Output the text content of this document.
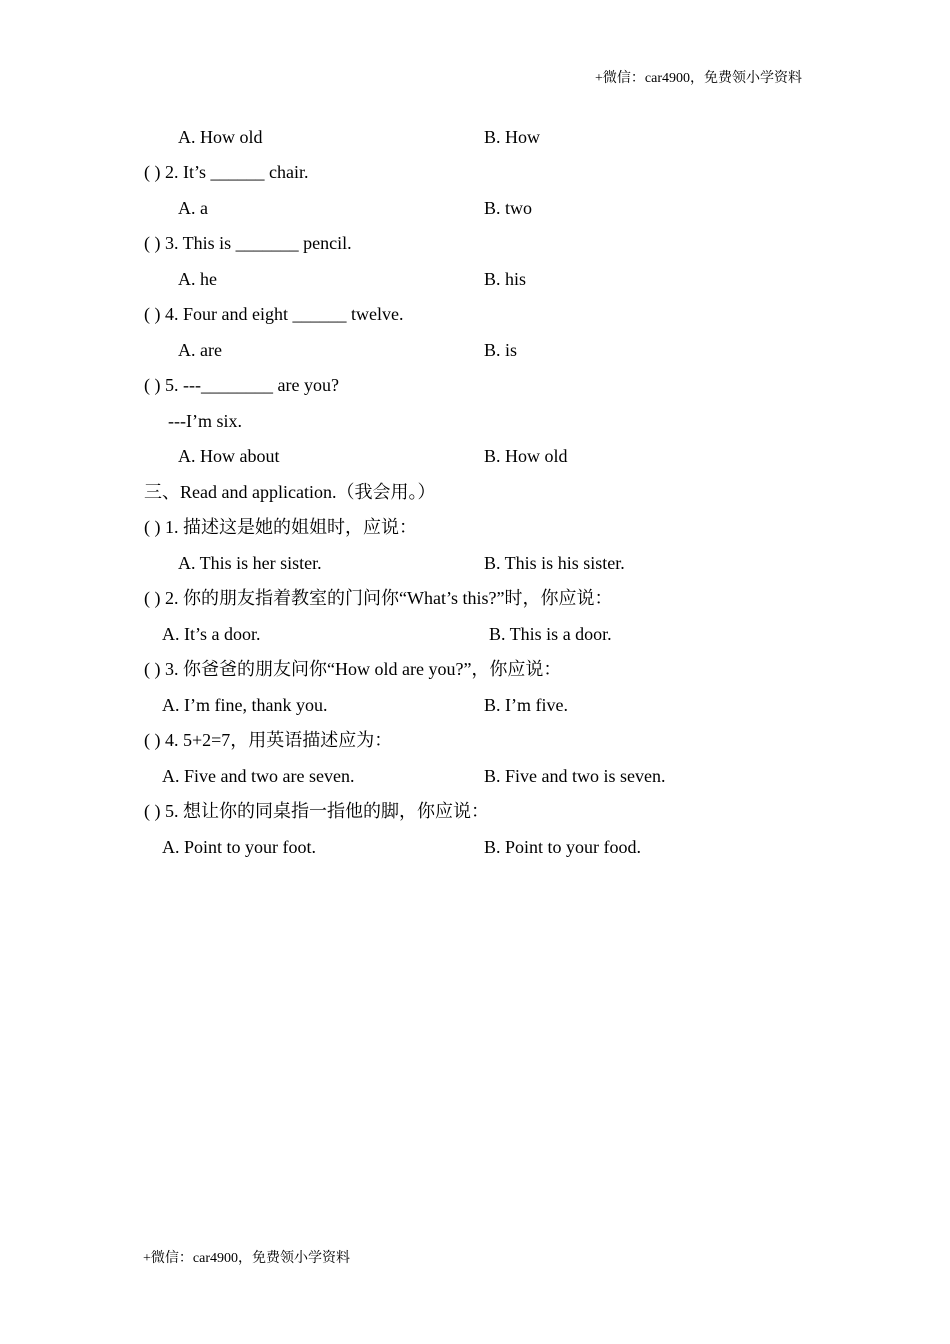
+微信：car4900，免费领小学资料
A. How old	B. How
( ) 2. It’s ______ chair.
A. a	B. two
( ) 3. This is _______ pencil.
A. he	B. his
( ) 4. Four and eight ______ twelve.
A. are	B. is
( ) 5. ---________ are you?
---I’m six.
A. How about	B. How old
三、Read and application.（我会用。）
( ) 1. 描述这是她的姐姐时，应说：
A. This is her sister.	B. This is his sister.
( ) 2. 你的朋友指着教室的门问你“What’s this?”时，你应说：
A. It’s a door.	B. This is a door.
( ) 3. 你爸爸的朋友问你“How old are you?”，你应说：
A. I’m fine, thank you.	B. I’m five.
( ) 4. 5+2=7，用英语描述应为：
A. Five and two are seven.	B. Five and two is seven.
( ) 5. 想让你的同桌指一指他的脚，你应说：
A. Point to your foot.	B. Point to your food.
+微信：car4900，免费领小学资料
